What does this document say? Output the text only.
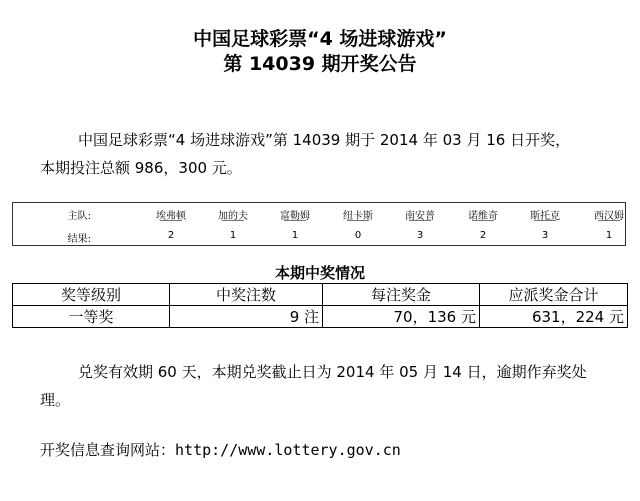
中国足球彩票“4 场进球游戏”
第 14039 期开奖公告

中国足球彩票“4 场进球游戏”第 14039 期于 2014 年 03 月 16 日开奖，

本期投注总额 986，300 元。

主队:	埃弗顿	加的夫	富勒姆	纽卡斯	南安普	诺维奇	斯托克	西汉姆
结果:	2	1	1	0	3	2	3	1
本期中奖情况
奖等级别	中奖注数	每注奖金	应派奖金合计
一等奖	9 注	70，136 元	631，224 元

兑奖有效期 60 天，本期兑奖截止日为 2014 年 05 月 14 日，逾期作弃奖处

理。

开奖信息查询网站：http://www.lottery.gov.cn
